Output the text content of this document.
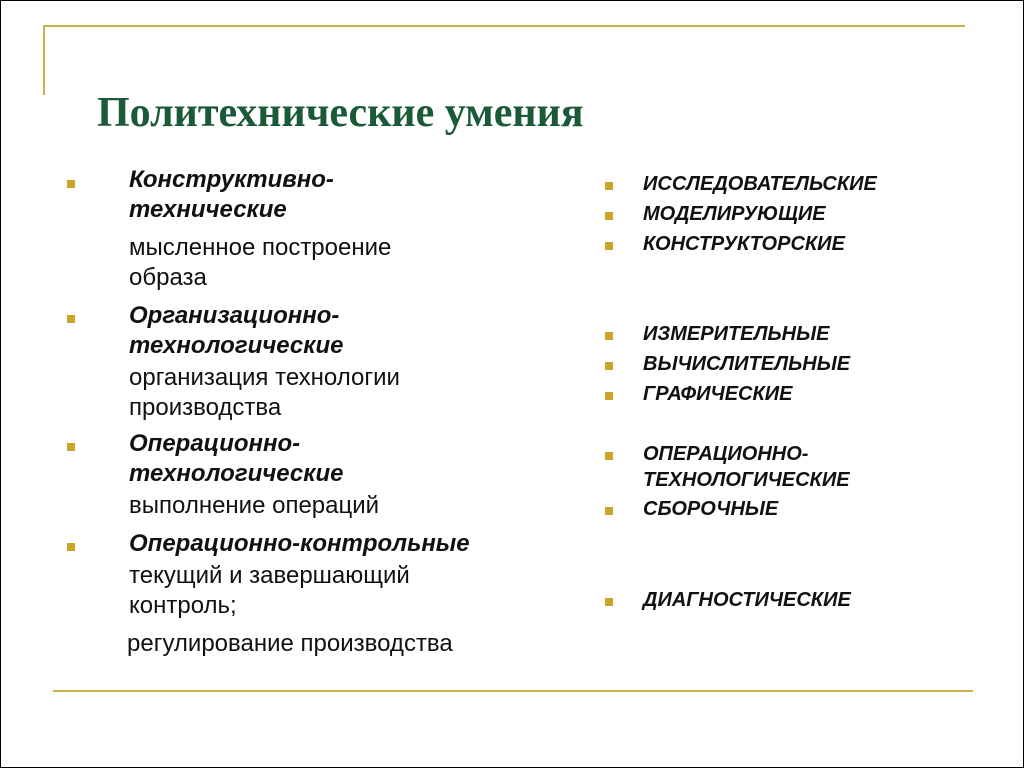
Политехнические умения

Конструктивно-
технические

мысленное построение
образа

Организационно-
технологические

организация технологии
производства

Операционно-
технологические

выполнение операций

Операционно-контрольные

текущий и завершающий
контроль;

регулирование производства

ИССЛЕДОВАТЕЛЬСКИЕ

МОДЕЛИРУЮЩИЕ

КОНСТРУКТОРСКИЕ

ИЗМЕРИТЕЛЬНЫЕ

ВЫЧИСЛИТЕЛЬНЫЕ

ГРАФИЧЕСКИЕ

ОПЕРАЦИОННО-
ТЕХНОЛОГИЧЕСКИЕ

СБОРОЧНЫЕ

ДИАГНОСТИЧЕСКИЕ
